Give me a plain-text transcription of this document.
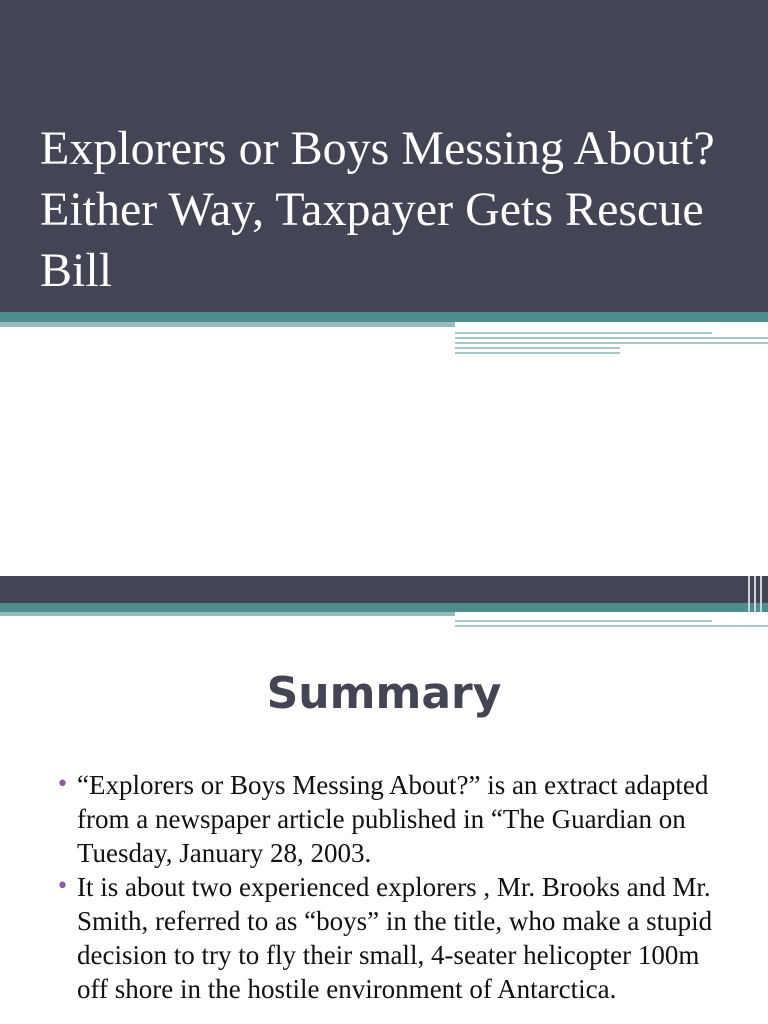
Explorers or Boys Messing About? Either Way, Taxpayer Gets Rescue Bill
Summary
• “Explorers or Boys Messing About?” is an extract adapted from a newspaper article published in “The Guardian on Tuesday, January 28, 2003.
• It is about two experienced explorers , Mr. Brooks and Mr. Smith, referred to as “boys” in the title, who make a stupid decision to try to fly their small, 4-seater helicopter 100m off shore in the hostile environment of Antarctica.
